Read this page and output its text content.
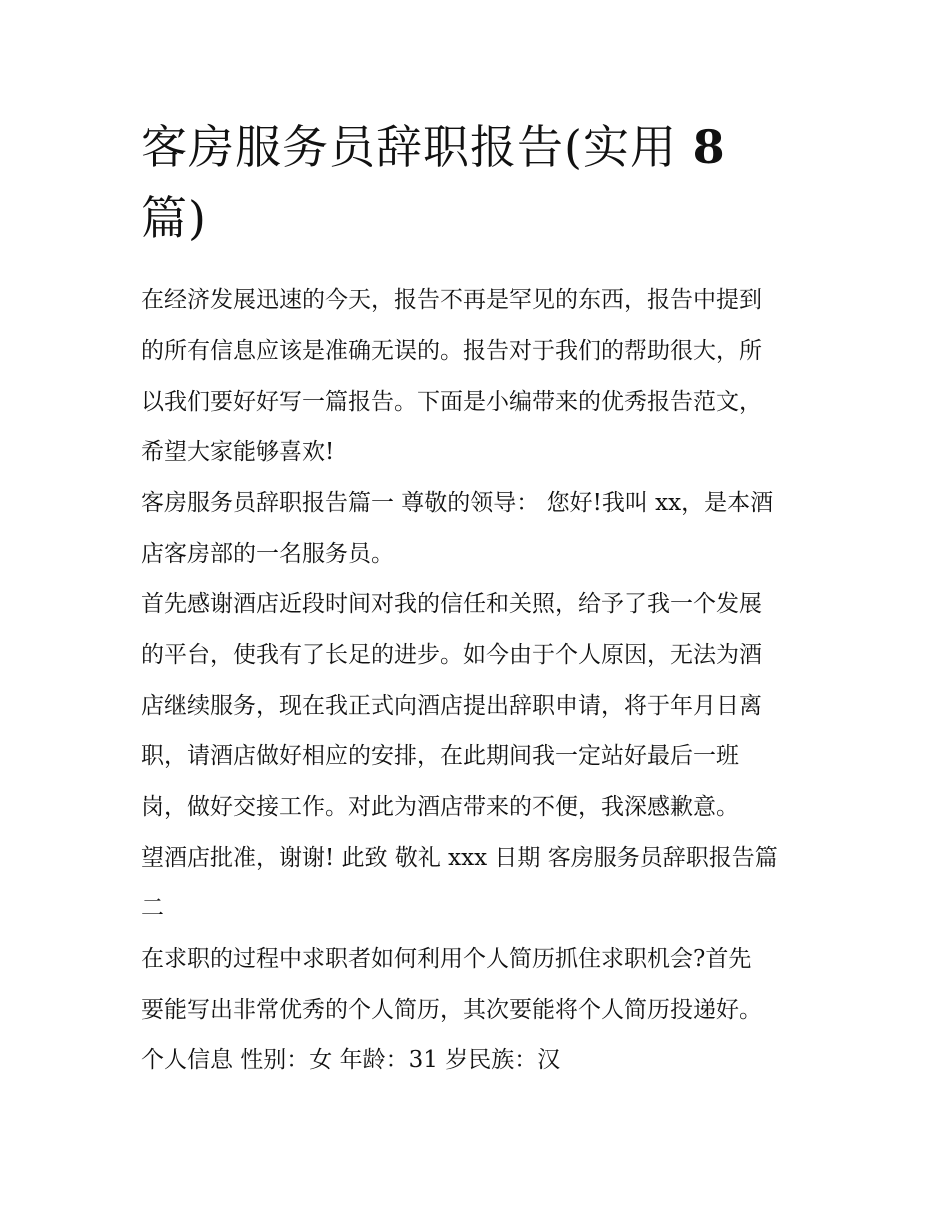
客房服务员辞职报告(实用 8
篇)

在经济发展迅速的今天，报告不再是罕见的东西，报告中提到

的所有信息应该是准确无误的。报告对于我们的帮助很大，所

以我们要好好写一篇报告。下面是小编带来的优秀报告范文，

希望大家能够喜欢!

客房服务员辞职报告篇一 尊敬的领导： 您好!我叫 xx，是本酒

店客房部的一名服务员。

首先感谢酒店近段时间对我的信任和关照，给予了我一个发展

的平台，使我有了长足的进步。如今由于个人原因，无法为酒

店继续服务，现在我正式向酒店提出辞职申请，将于年月日离

职，请酒店做好相应的安排，在此期间我一定站好最后一班

岗，做好交接工作。对此为酒店带来的不便，我深感歉意。

望酒店批准，谢谢! 此致 敬礼 xxx 日期 客房服务员辞职报告篇

二

在求职的过程中求职者如何利用个人简历抓住求职机会?首先

要能写出非常优秀的个人简历，其次要能将个人简历投递好。

个人信息 性别：女 年龄：31 岁民族：汉
